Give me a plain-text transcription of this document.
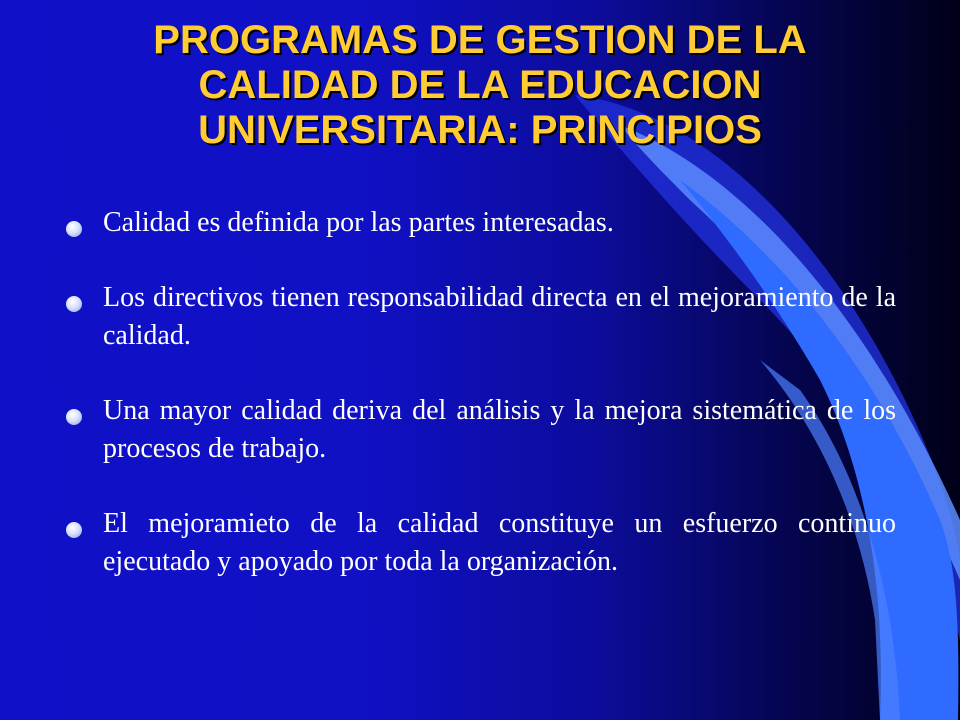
PROGRAMAS DE GESTION DE LA
CALIDAD DE LA EDUCACION
UNIVERSITARIA: PRINCIPIOS
Calidad es definida por las partes interesadas.
Los directivos tienen responsabilidad directa en el mejoramiento de la calidad.
Una mayor calidad deriva del análisis y la mejora sistemática de los procesos de trabajo.
El mejoramieto de la calidad constituye un esfuerzo continuo ejecutado y apoyado por toda la organización.
